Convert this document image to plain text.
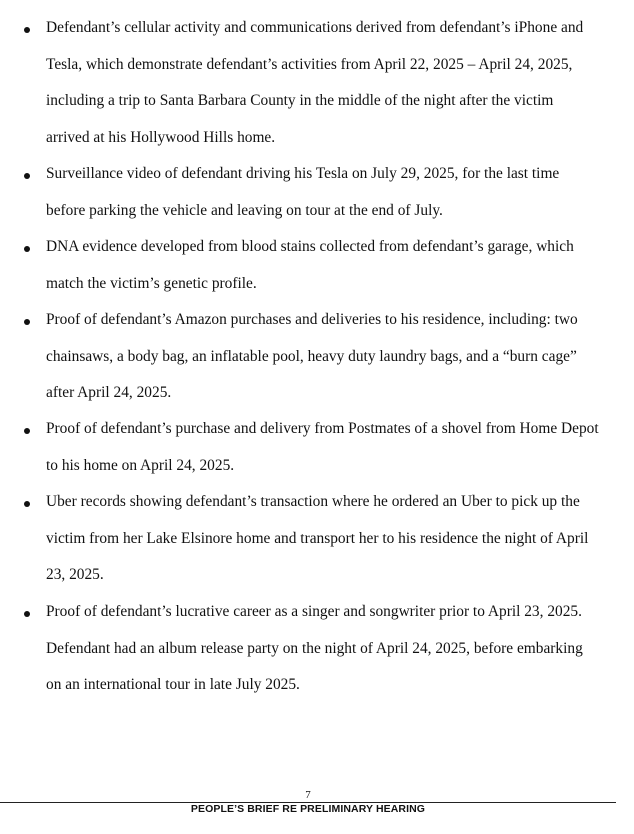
Defendant’s cellular activity and communications derived from defendant’s iPhone and
Tesla, which demonstrate defendant’s activities from April 22, 2025 – April 24, 2025,
including a trip to Santa Barbara County in the middle of the night after the victim
arrived at his Hollywood Hills home.
Surveillance video of defendant driving his Tesla on July 29, 2025, for the last time
before parking the vehicle and leaving on tour at the end of July.
DNA evidence developed from blood stains collected from defendant’s garage, which
match the victim’s genetic profile.
Proof of defendant’s Amazon purchases and deliveries to his residence, including: two
chainsaws, a body bag, an inflatable pool, heavy duty laundry bags, and a “burn cage”
after April 24, 2025.
Proof of defendant’s purchase and delivery from Postmates of a shovel from Home Depot
to his home on April 24, 2025.
Uber records showing defendant’s transaction where he ordered an Uber to pick up the
victim from her Lake Elsinore home and transport her to his residence the night of April
23, 2025.
Proof of defendant’s lucrative career as a singer and songwriter prior to April 23, 2025.
Defendant had an album release party on the night of April 24, 2025, before embarking
on an international tour in late July 2025.
7
PEOPLE’S BRIEF RE PRELIMINARY HEARING
